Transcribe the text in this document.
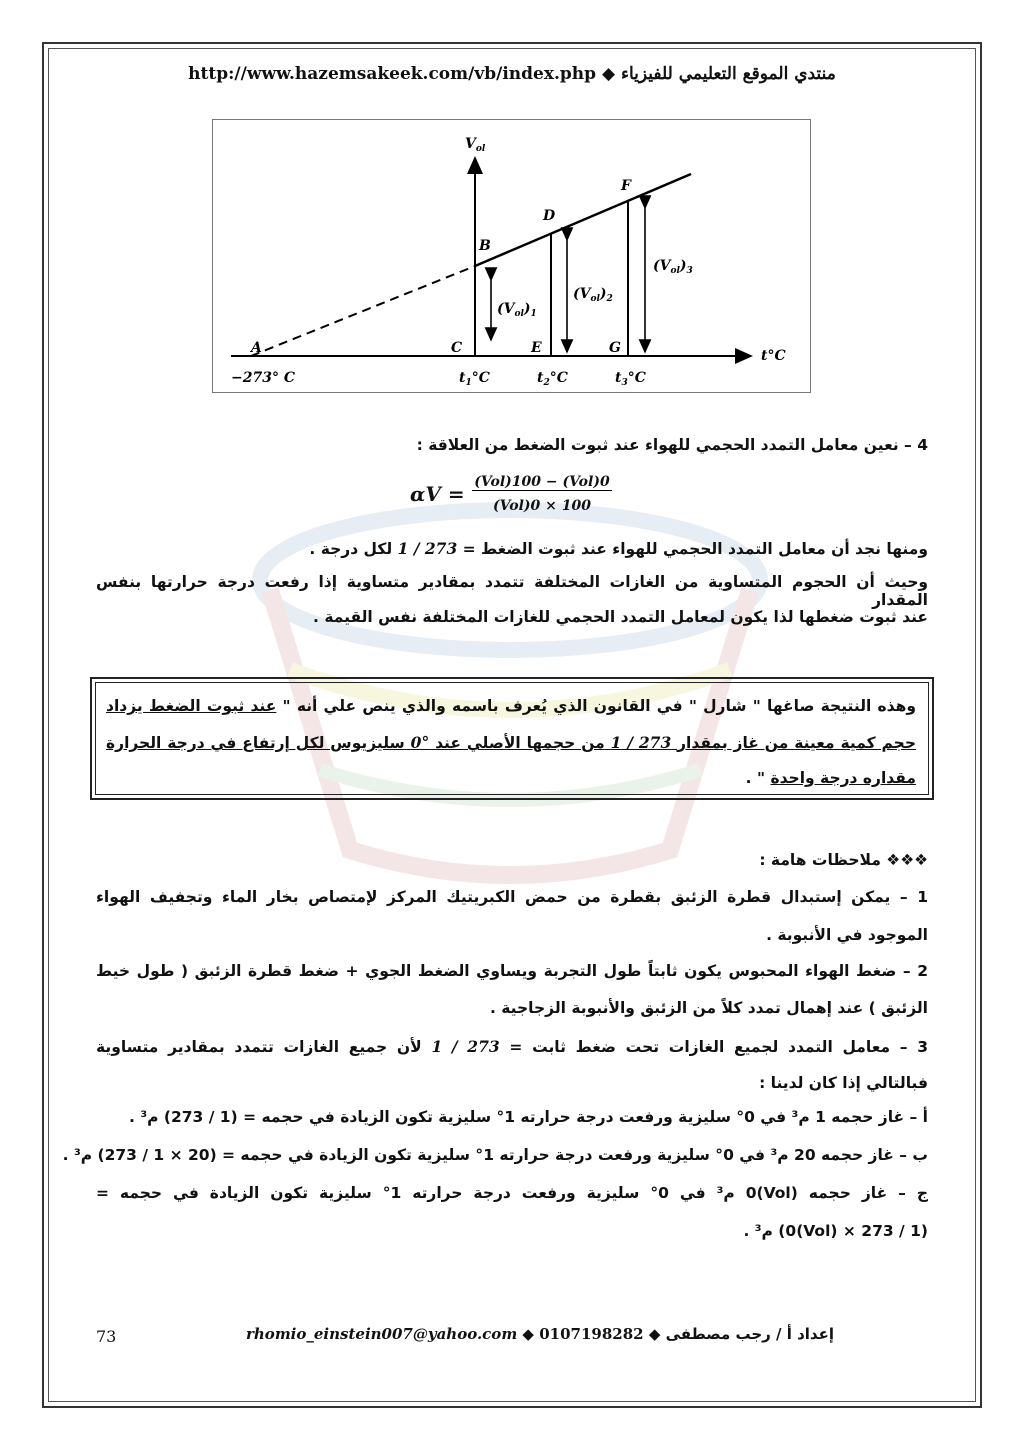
http://www.hazemsakeek.com/vb/index.php ◆ منتدي الموقع التعليمي للفيزياء
$V_{ol}$
t°C
A
B
C
D
E
F
G
−273° C	$t_1^\circ C$	$t_2^\circ C$	$t_3^\circ C$
$(V_{ol})_1$
$(V_{ol})_2$
$(V_{ol})_3$
4 – نعين معامل التمدد الحجمي للهواء عند ثبوت الضغط من العلاقة :
αV = (Vol)100 − (Vol)0
(Vol)0 × 100
ومنها نجد أن معامل التمدد الحجمي للهواء عند ثبوت الضغط = 1 / 273 لكل درجة .
وحيث أن الحجوم المتساوية من الغازات المختلفة تتمدد بمقادير متساوية إذا رفعت درجة حرارتها بنفس المقدار
عند ثبوت ضغطها لذا يكون لمعامل التمدد الحجمي للغازات المختلفة نفس القيمة .
وهذه النتيجة صاغها " شارل " في القانون الذي يُعرف باسمه والذي ينص علي أنه " عند ثبوت الضغط يزداد
حجم كمية معينة من غاز بمقدار 1 / 273 من حجمها الأصلي عند 0° سليزيوس لكل إرتفاع في درجة الحرارة
مقداره درجة واحدة " .
❖❖❖ ملاحظات هامة :
1 – يمكن إستبدال قطرة الزئبق بقطرة من حمض الكبريتيك المركز لإمتصاص بخار الماء وتجفيف الهواء
الموجود في الأنبوبة .
2 – ضغط الهواء المحبوس يكون ثابتاً طول التجربة ويساوي الضغط الجوي + ضغط قطرة الزئبق ( طول خيط
الزئبق ) عند إهمال تمدد كلاً من الزئبق والأنبوبة الزجاجية .
3 – معامل التمدد لجميع الغازات تحت ضغط ثابت = 1 / 273 لأن جميع الغازات تتمدد بمقادير متساوية
فبالتالي إذا كان لدينا :
أ – غاز حجمه 1 م³ في 0° سليزية ورفعت درجة حرارته 1° سليزية تكون الزيادة في حجمه = (1 / 273) م³ .
ب – غاز حجمه 20 م³ في 0° سليزية ورفعت درجة حرارته 1° سليزية تكون الزيادة في حجمه = (20 × 1 / 273) م³ .
ج – غاز حجمه (Vol)0 م³ في 0° سليزية ورفعت درجة حرارته 1° سليزية تكون الزيادة في حجمه =
(1 / 273 × (Vol)0) م³ .
73	rhomio_einstein007@yahoo.com ◆ 0107198282 ◆ إعداد أ / رجب مصطفى
